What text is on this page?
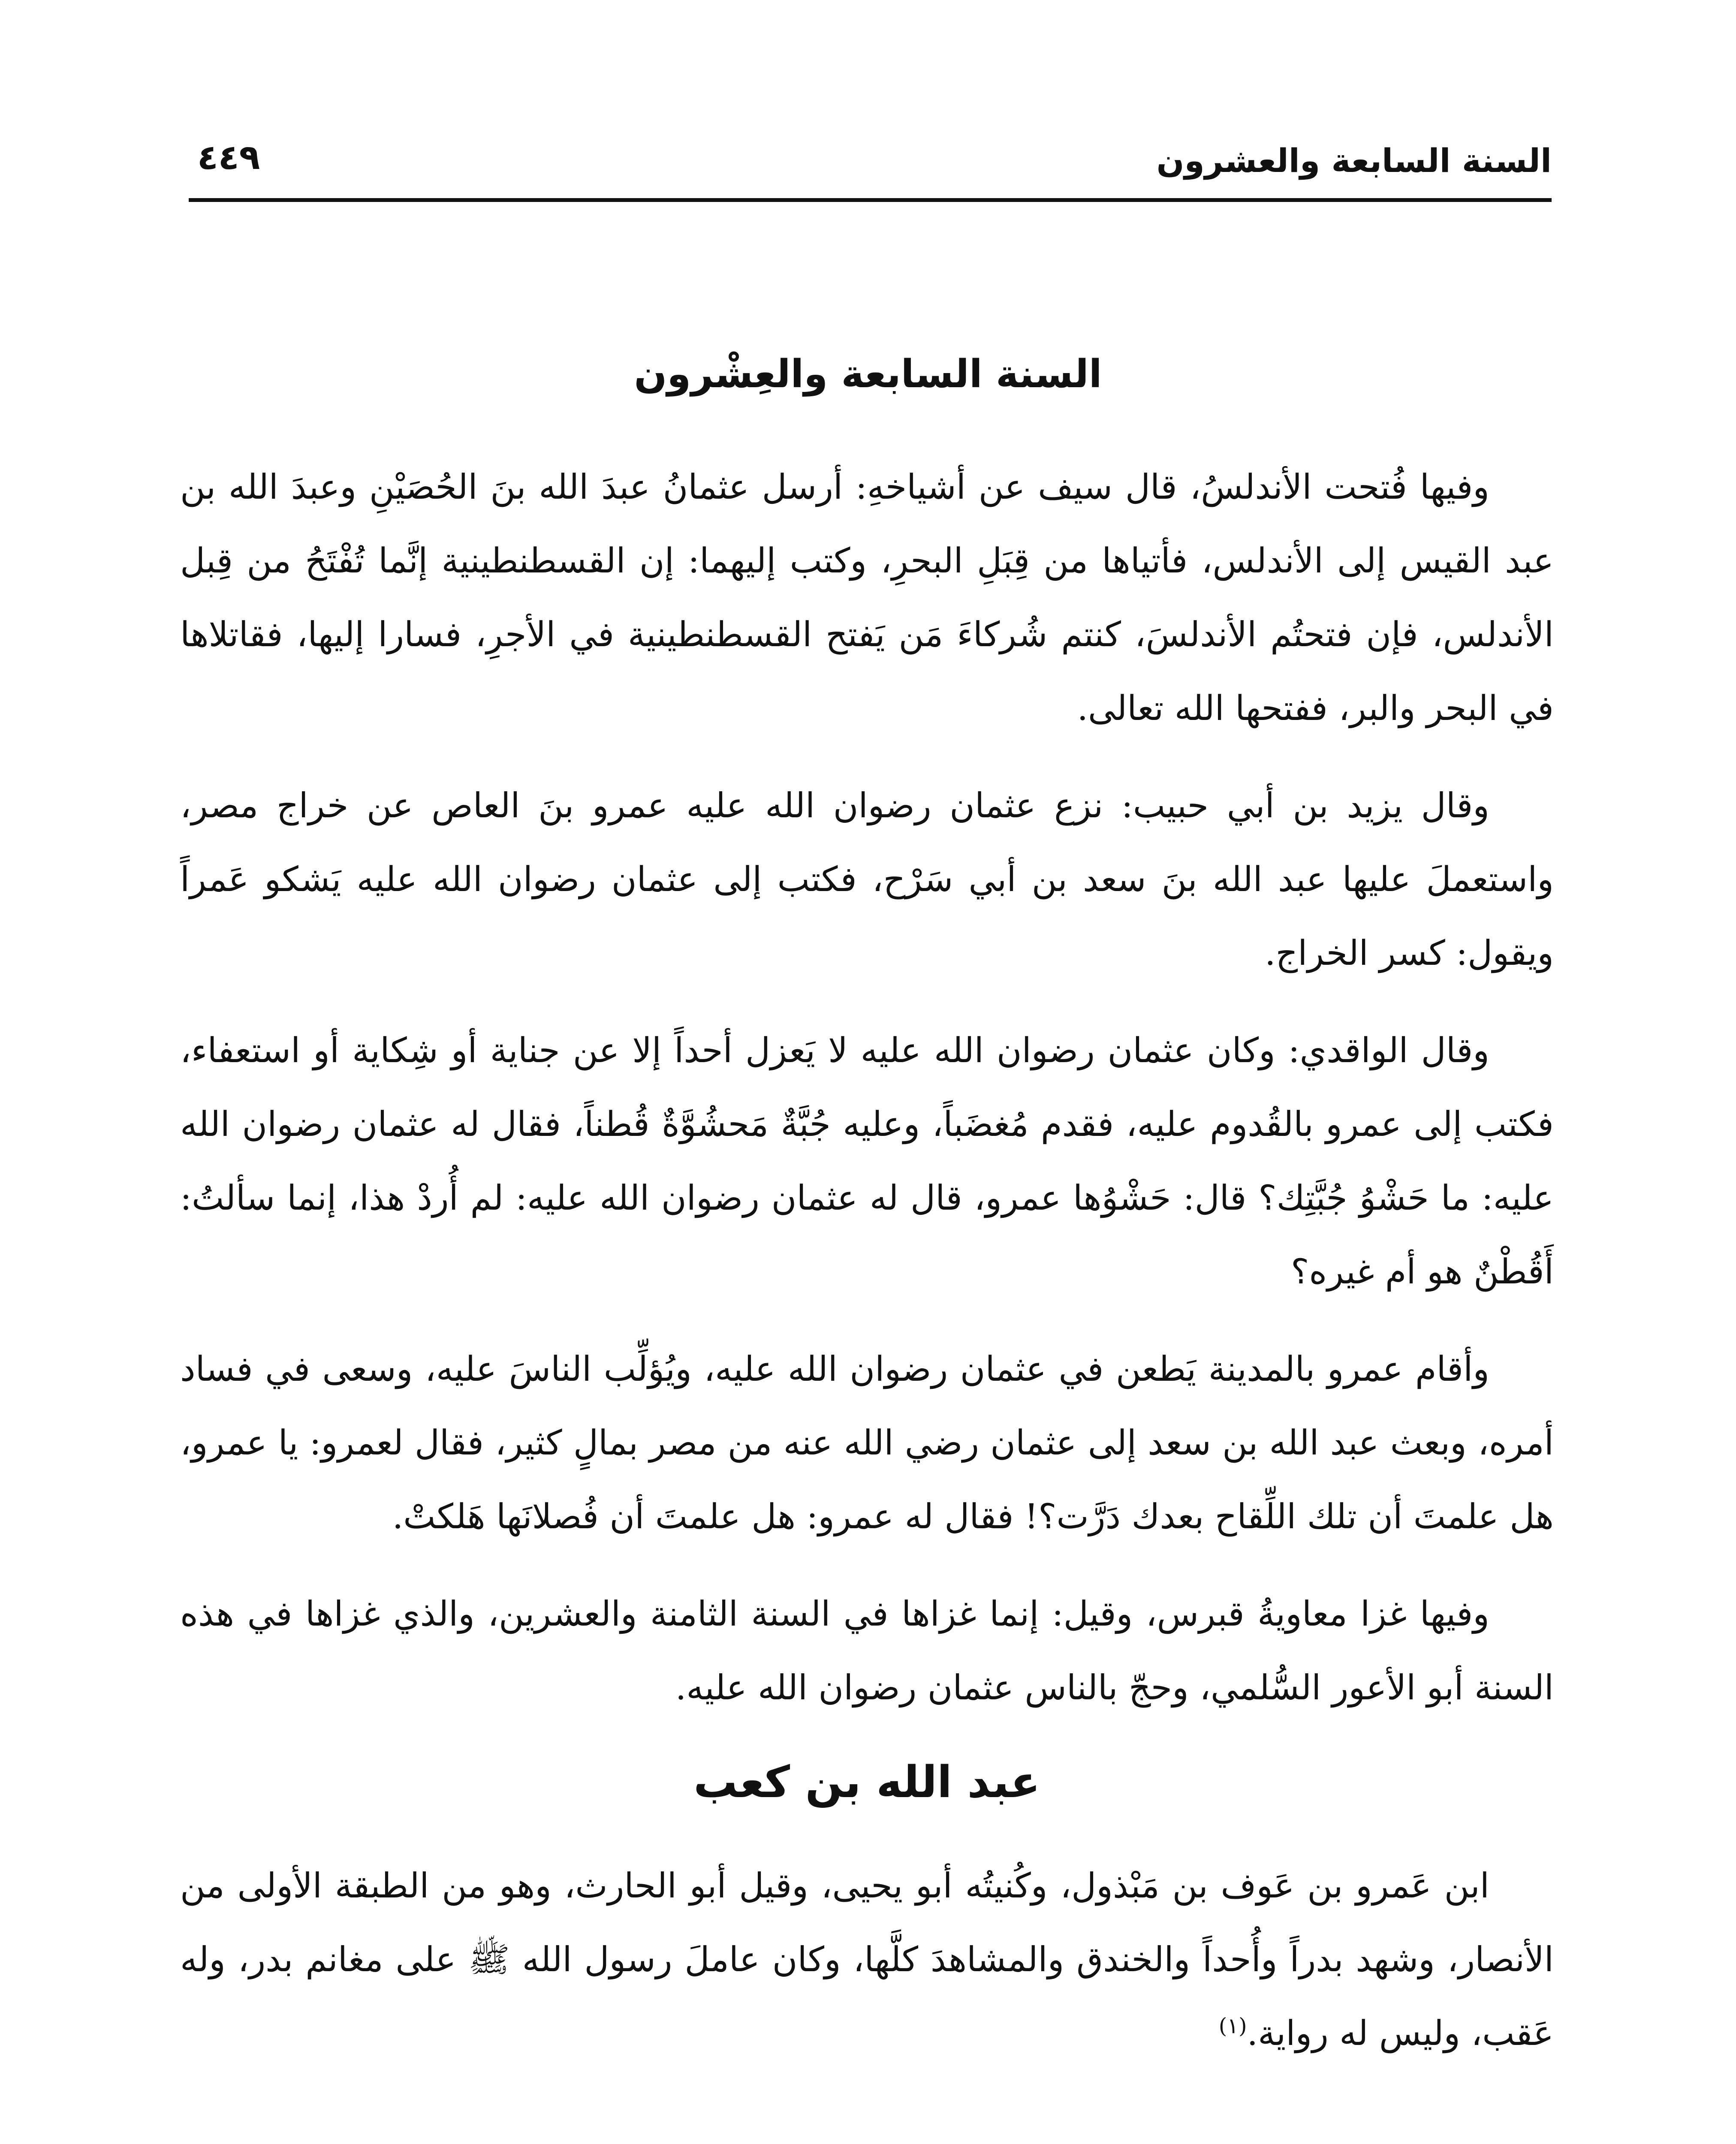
السنة السابعة والعشرون
٤٤٩
السنة السابعة والعِشْرون

وفيها فُتحت الأندلسُ، قال سيف عن أشياخهِ: أرسل عثمانُ عبدَ الله بنَ الحُصَيْنِ وعبدَ الله بن عبد القيس إلى الأندلس، فأتياها من قِبَلِ البحرِ، وكتب إليهما: إن القسطنطينية إنَّما تُفْتَحُ من قِبل الأندلس، فإن فتحتُم الأندلسَ، كنتم شُركاءَ مَن يَفتح القسطنطينية في الأجرِ، فسارا إليها، فقاتلاها في البحر والبر، ففتحها الله تعالى.

وقال يزيد بن أبي حبيب: نزع عثمان رضوان الله عليه عمرو بنَ العاص عن خراج مصر، واستعملَ عليها عبد الله بنَ سعد بن أبي سَرْح، فكتب إلى عثمان رضوان الله عليه يَشكو عَمراً ويقول: كسر الخراج.

وقال الواقدي: وكان عثمان رضوان الله عليه لا يَعزل أحداً إلا عن جناية أو شِكاية أو استعفاء، فكتب إلى عمرو بالقُدوم عليه، فقدم مُغضَباً، وعليه جُبَّةٌ مَحشُوَّةٌ قُطناً، فقال له عثمان رضوان الله عليه: ما حَشْوُ جُبَّتِك؟ قال: حَشْوُها عمرو، قال له عثمان رضوان الله عليه: لم أُردْ هذا، إنما سألتُ: أَقُطْنٌ هو أم غيره؟

وأقام عمرو بالمدينة يَطعن في عثمان رضوان الله عليه، ويُؤلِّب الناسَ عليه، وسعى في فساد أمره، وبعث عبد الله بن سعد إلى عثمان رضي الله عنه من مصر بمالٍ كثير، فقال لعمرو: يا عمرو، هل علمتَ أن تلك اللِّقاح بعدك دَرَّت؟! فقال له عمرو: هل علمتَ أن فُصلانَها هَلكتْ.

وفيها غزا معاويةُ قبرس، وقيل: إنما غزاها في السنة الثامنة والعشرين، والذي غزاها في هذه السنة أبو الأعور السُّلمي، وحجّ بالناس عثمان رضوان الله عليه.

عبد الله بن كعب

ابن عَمرو بن عَوف بن مَبْذول، وكُنيتُه أبو يحيى، وقيل أبو الحارث، وهو من الطبقة الأولى من الأنصار، وشهد بدراً وأُحداً والخندق والمشاهدَ كلَّها، وكان عاملَ رسول الله ﷺ على مغانم بدر، وله عَقب، وليس له رواية.$^{(١)}$
